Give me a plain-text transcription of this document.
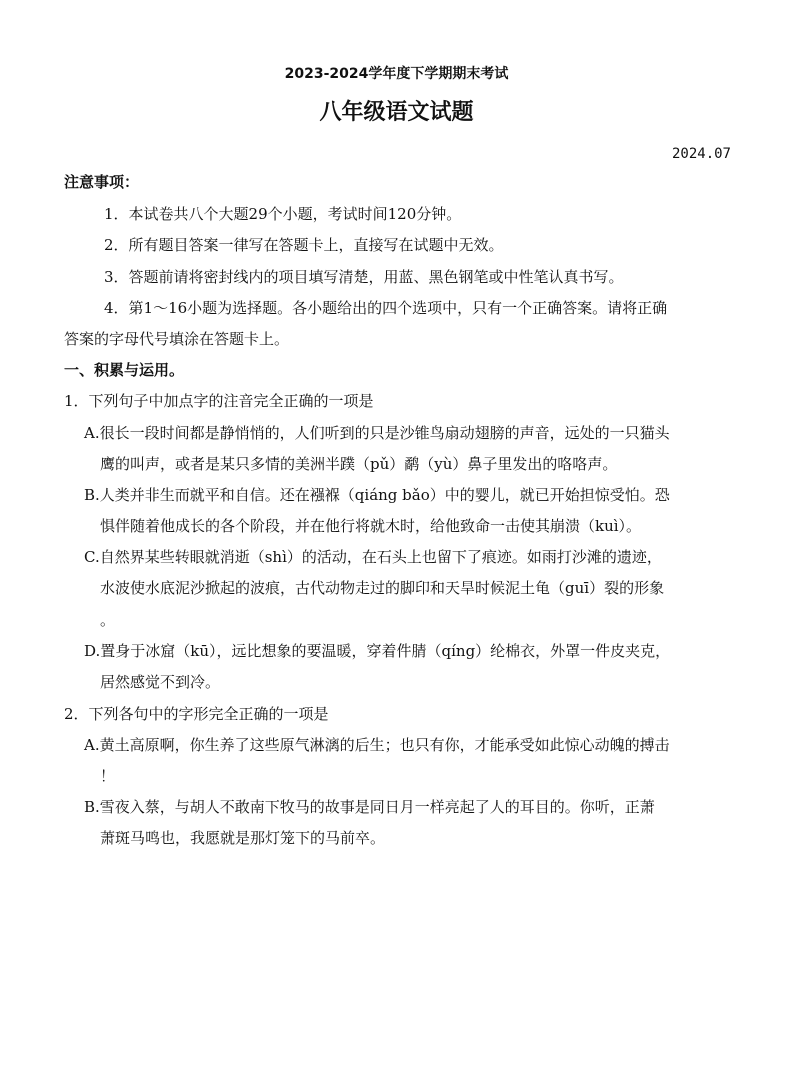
2023-2024学年度下学期期末考试
八年级语文试题
2024.07
注意事项：
1．本试卷共八个大题29个小题，考试时间120分钟。
2．所有题目答案一律写在答题卡上，直接写在试题中无效。
3．答题前请将密封线内的项目填写清楚，用蓝、黑色钢笔或中性笔认真书写。
4．第1～16小题为选择题。各小题给出的四个选项中，只有一个正确答案。请将正确
答案的字母代号填涂在答题卡上。
一、积累与运用。
1．下列句子中加点字的注音完全正确的一项是
A.很长一段时间都是静悄悄的，人们听到的只是沙锥鸟扇动翅膀的声音，远处的一只猫头
鹰的叫声，或者是某只多情的美洲半蹼（pǔ）鹬（yù）鼻子里发出的咯咯声。
B.人类并非生而就平和自信。还在襁褓（qiáng bǎo）中的婴儿，就已开始担惊受怕。恐
惧伴随着他成长的各个阶段，并在他行将就木时，给他致命一击使其崩溃（kuì）。
C.自然界某些转眼就消逝（shì）的活动，在石头上也留下了痕迹。如雨打沙滩的遗迹，
水波使水底泥沙掀起的波痕，古代动物走过的脚印和天旱时候泥土龟（guī）裂的形象
。
D.置身于冰窟（kū），远比想象的要温暖，穿着件腈（qíng）纶棉衣，外罩一件皮夹克，
居然感觉不到冷。
2．下列各句中的字形完全正确的一项是
A.黄土高原啊，你生养了这些原气淋漓的后生；也只有你，才能承受如此惊心动魄的搏击
！
B.雪夜入蔡，与胡人不敢南下牧马的故事是同日月一样亮起了人的耳目的。你听，正萧
萧斑马鸣也，我愿就是那灯笼下的马前卒。
